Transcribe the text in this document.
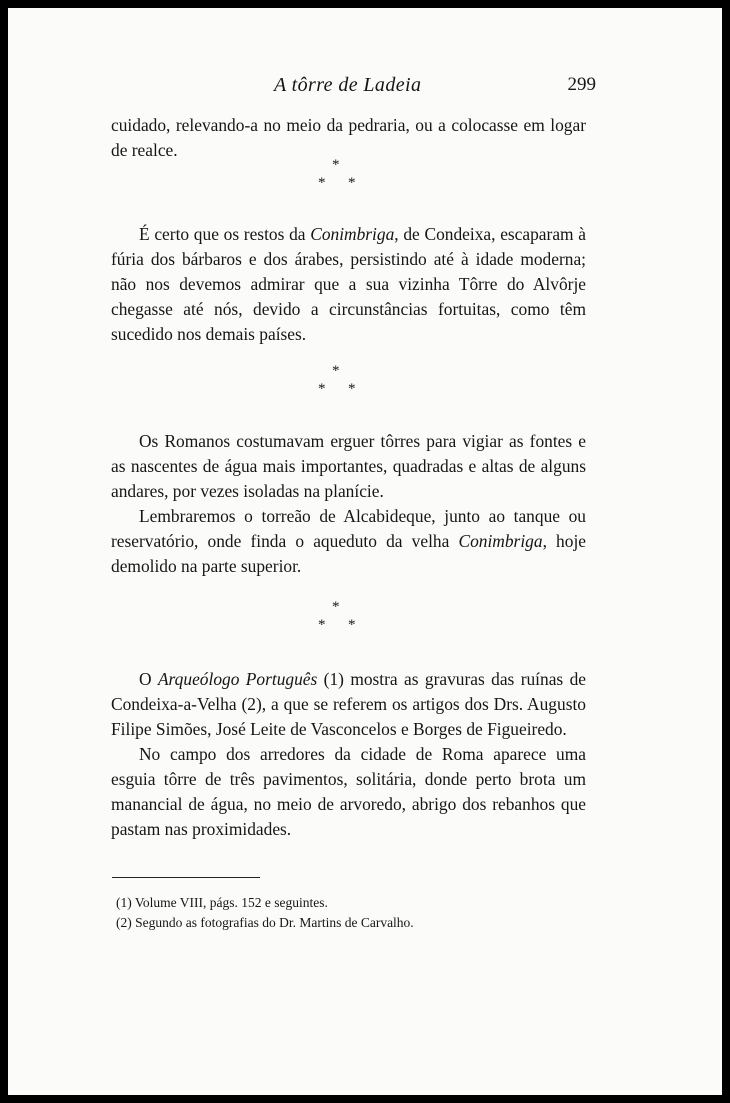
A tôrre de Ladeia	299

cuidado, relevando-a no meio da pedraria, ou a colocasse em logar de realce.

*
* *

É certo que os restos da Conimbriga, de Condeixa, escaparam à fúria dos bárbaros e dos árabes, persistindo até à idade moderna; não nos devemos admirar que a sua vizinha Tôrre do Alvôrje chegasse até nós, devido a circunstâncias fortuitas, como têm sucedido nos demais países.

*
* *

Os Romanos costumavam erguer tôrres para vigiar as fontes e as nascentes de água mais importantes, quadradas e altas de alguns andares, por vezes isoladas na planície.

Lembraremos o torreão de Alcabideque, junto ao tanque ou reservatório, onde finda o aqueduto da velha Conimbriga, hoje demolido na parte superior.

*
* *

O Arqueólogo Português (1) mostra as gravuras das ruínas de Condeixa-a-Velha (2), a que se referem os artigos dos Drs. Augusto Filipe Simões, José Leite de Vasconcelos e Borges de Figueiredo.

No campo dos arredores da cidade de Roma aparece uma esguia tôrre de três pavimentos, solitária, donde perto brota um manancial de água, no meio de arvoredo, abrigo dos rebanhos que pastam nas proximidades.

(1) Volume VIII, págs. 152 e seguintes.
(2) Segundo as fotografias do Dr. Martins de Carvalho.
